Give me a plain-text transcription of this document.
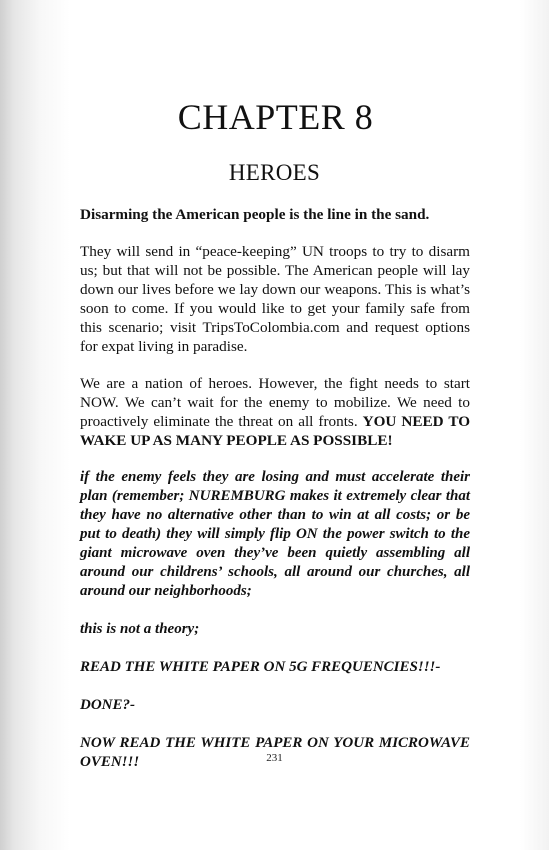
CHAPTER 8
HEROES

Disarming the American people is the line in the sand.

They will send in “peace-keeping” UN troops to try to disarm us; but that will not be possible. The American people will lay down our lives before we lay down our weapons. This is what’s soon to come. If you would like to get your family safe from this scenario; visit TripsToColombia.com and request options for expat living in paradise.

We are a nation of heroes. However, the fight needs to start NOW. We can’t wait for the enemy to mobilize. We need to proactively eliminate the threat on all fronts. YOU NEED TO WAKE UP AS MANY PEOPLE AS POSSIBLE!

if the enemy feels they are losing and must accelerate their plan (remember; NUREMBURG makes it extremely clear that they have no alternative other than to win at all costs; or be put to death) they will simply flip ON the power switch to the giant microwave oven they’ve been quietly assembling all around our childrens’ schools, all around our churches, all around our neighborhoods;

this is not a theory;

READ THE WHITE PAPER ON 5G FREQUENCIES!!!-

DONE?-

NOW READ THE WHITE PAPER ON YOUR MICROWAVE OVEN!!!	231
